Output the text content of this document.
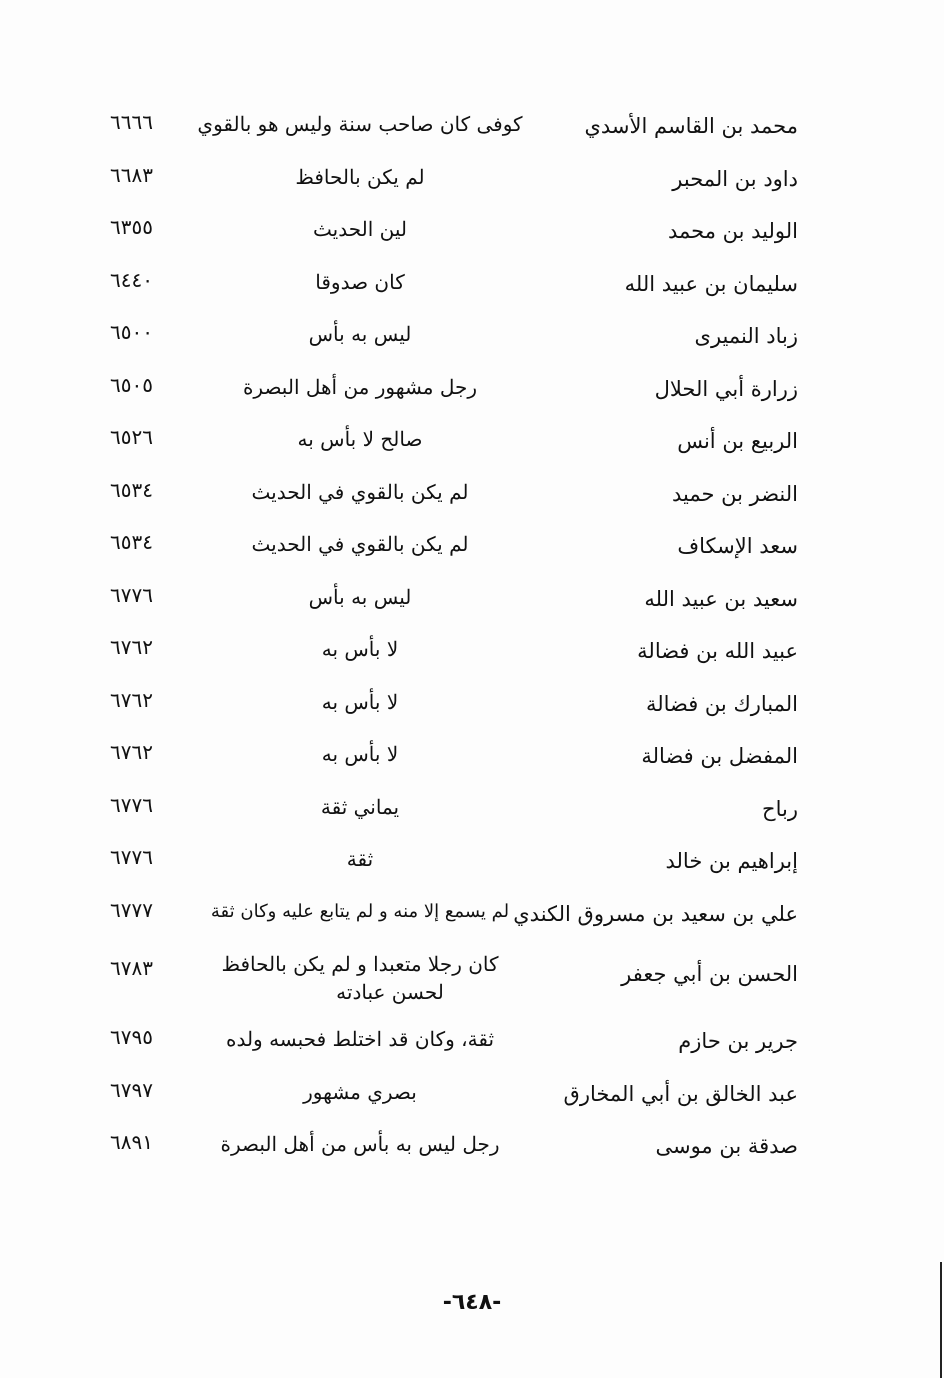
محمد بن القاسم الأسدي
كوفى كان صاحب سنة وليس هو بالقوي
٦٦٦٦
داود بن المحبر
لم يكن بالحافظ
٦٦٨٣
الوليد بن محمد
لين الحديث
٦٣٥٥
سليمان بن عبيد الله
كان صدوقا
٦٤٤٠
زباد النميرى
ليس به بأس
٦٥٠٠
زرارة أبي الحلال
رجل مشهور من أهل البصرة
٦٥٠٥
الربيع بن أنس
صالح لا بأس به
٦٥٢٦
النضر بن حميد
لم يكن بالقوي في الحديث
٦٥٣٤
سعد الإسكاف
لم يكن بالقوي في الحديث
٦٥٣٤
سعيد بن عبيد الله
ليس به بأس
٦٧٧٦
عبيد الله بن فضالة
لا بأس به
٦٧٦٢
المبارك بن فضالة
لا بأس به
٦٧٦٢
المفضل بن فضالة
لا بأس به
٦٧٦٢
رباح
يماني ثقة
٦٧٧٦
إبراهيم بن خالد
ثقة
٦٧٧٦
علي بن سعيد بن مسروق الكندي
لم يسمع إلا منه و لم يتابع عليه وكان ثقة
٦٧٧٧
الحسن بن أبي جعفر
كان رجلا متعبدا و لم يكن بالحافظ
لحسن عبادته
٦٧٨٣
جرير بن حازم
ثقة، وكان قد اختلط فحبسه ولده
٦٧٩٥
عبد الخالق بن أبي المخارق
بصري مشهور
٦٧٩٧
صدقة بن موسى
رجل ليس به بأس من أهل البصرة
٦٨٩١
-٦٤٨-
